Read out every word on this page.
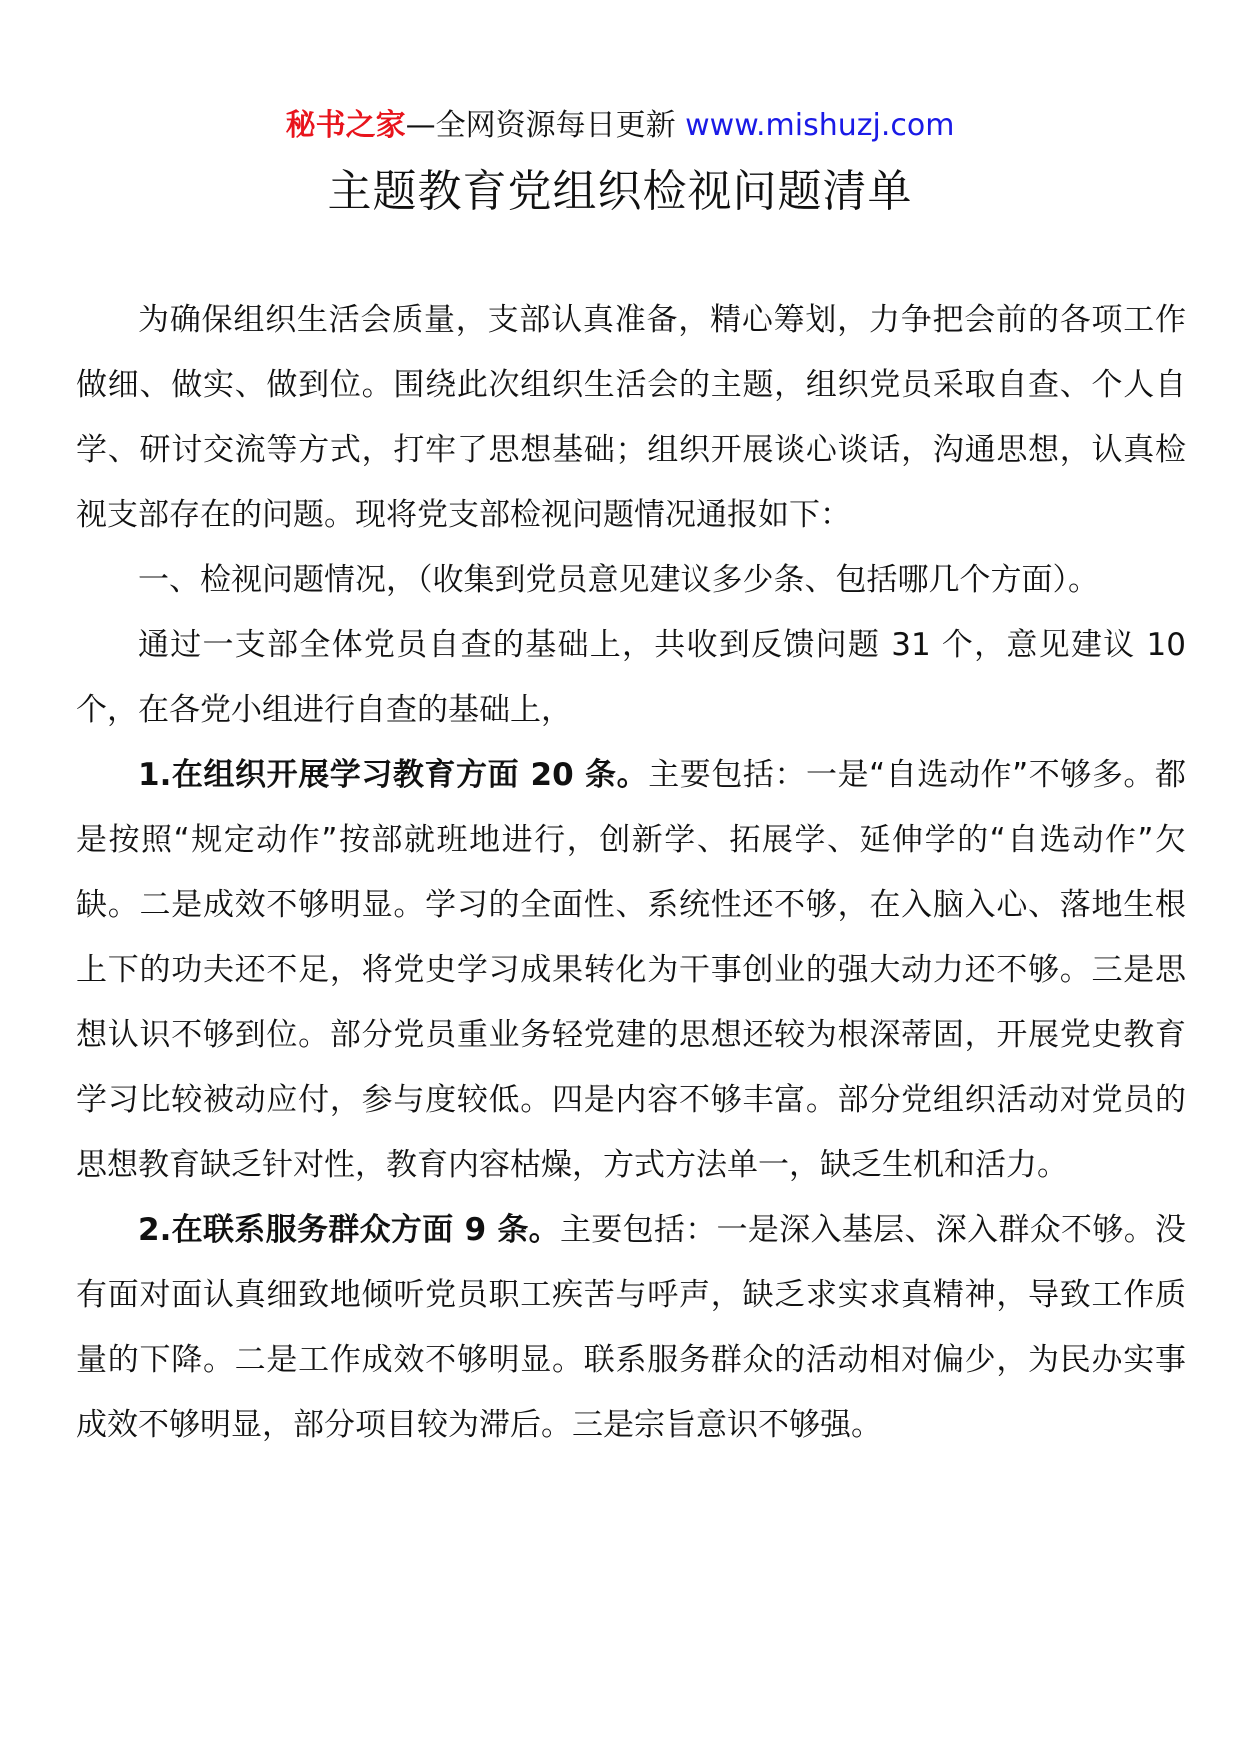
秘书之家—全网资源每日更新 www.mishuzj.com
主题教育党组织检视问题清单

为确保组织生活会质量，支部认真准备，精心筹划，力争把会前的各项工作做细、做实、做到位。围绕此次组织生活会的主题，组织党员采取自查、个人自学、研讨交流等方式，打牢了思想基础；组织开展谈心谈话，沟通思想，认真检视支部存在的问题。现将党支部检视问题情况通报如下：

一、检视问题情况，（收集到党员意见建议多少条、包括哪几个方面）。

通过一支部全体党员自查的基础上，共收到反馈问题 31 个，意见建议 10 个，在各党小组进行自查的基础上，

1.在组织开展学习教育方面 20 条。主要包括：一是“自选动作”不够多。都是按照“规定动作”按部就班地进行，创新学、拓展学、延伸学的“自选动作”欠缺。二是成效不够明显。学习的全面性、系统性还不够，在入脑入心、落地生根上下的功夫还不足，将党史学习成果转化为干事创业的强大动力还不够。三是思想认识不够到位。部分党员重业务轻党建的思想还较为根深蒂固，开展党史教育学习比较被动应付，参与度较低。四是内容不够丰富。部分党组织活动对党员的思想教育缺乏针对性，教育内容枯燥，方式方法单一，缺乏生机和活力。

2.在联系服务群众方面 9 条。主要包括：一是深入基层、深入群众不够。没有面对面认真细致地倾听党员职工疾苦与呼声，缺乏求实求真精神，导致工作质量的下降。二是工作成效不够明显。联系服务群众的活动相对偏少，为民办实事成效不够明显，部分项目较为滞后。三是宗旨意识不够强。
